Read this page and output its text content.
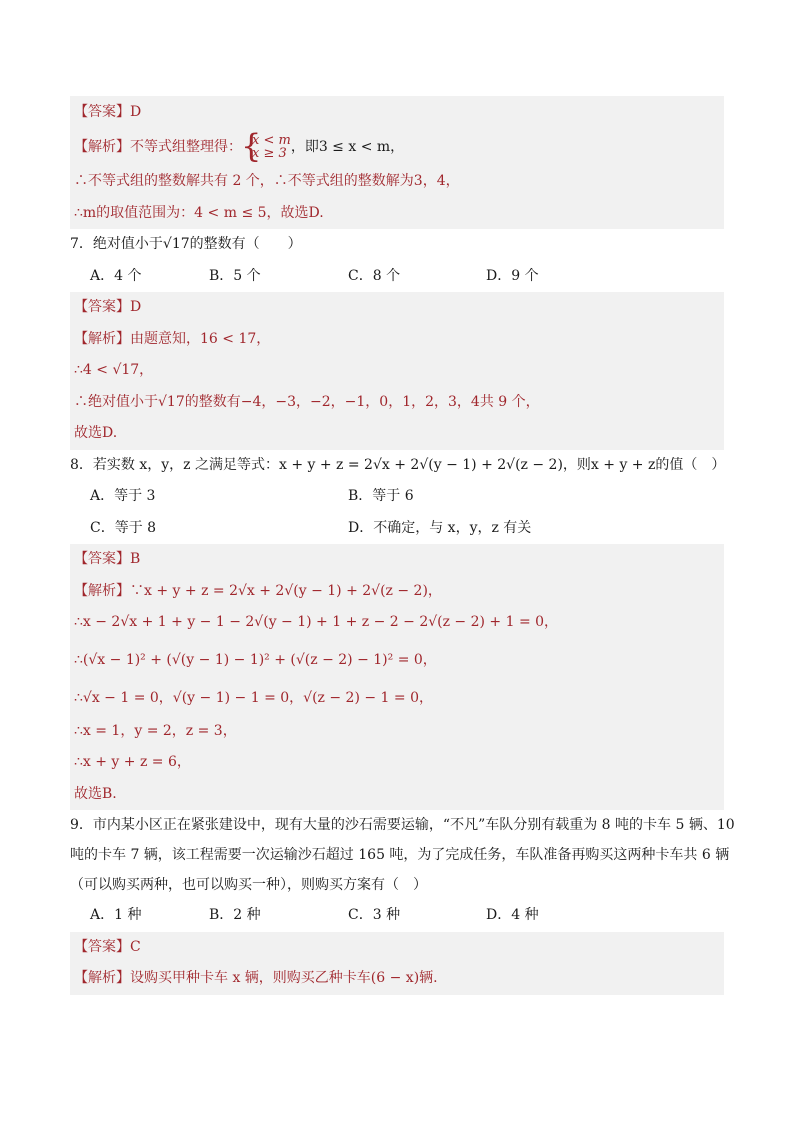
【答案】D
【解析】不等式组整理得：
{ x < m
x ≥ 3 ，即3 ≤ x < m，
∴不等式组的整数解共有 2 个，∴不等式组的整数解为3，4，
∴m的取值范围为：4 < m ≤ 5，故选D.
7．绝对值小于√17的整数有（　　）
A．4 个	B．5 个	C．8 个	D．9 个
【答案】D
【解析】由题意知，16 < 17，
∴4 < √17，
∴绝对值小于√17的整数有−4，−3，−2，−1，0，1，2，3，4共 9 个，
故选D.
8．若实数 x，y，z 之满足等式：x + y + z = 2√x + 2√(y − 1) + 2√(z − 2)，则x + y + z的值（　）
A．等于 3	B．等于 6
C．等于 8	D．不确定，与 x，y，z 有关
【答案】B
【解析】∵x + y + z = 2√x + 2√(y − 1) + 2√(z − 2)，
∴x − 2√x + 1 + y − 1 − 2√(y − 1) + 1 + z − 2 − 2√(z − 2) + 1 = 0，
∴(√x − 1)² + (√(y − 1) − 1)² + (√(z − 2) − 1)² = 0，
∴√x − 1 = 0，√(y − 1) − 1 = 0，√(z − 2) − 1 = 0，
∴x = 1，y = 2，z = 3，
∴x + y + z = 6，
故选B.
9．市内某小区正在紧张建设中，现有大量的沙石需要运输，“不凡”车队分别有载重为 8 吨的卡车 5 辆、10
吨的卡车 7 辆，该工程需要一次运输沙石超过 165 吨，为了完成任务，车队准备再购买这两种卡车共 6 辆
（可以购买两种，也可以购买一种），则购买方案有（　）
A．1 种	B．2 种	C．3 种	D．4 种
【答案】C
【解析】设购买甲种卡车 x 辆，则购买乙种卡车(6 − x)辆.
